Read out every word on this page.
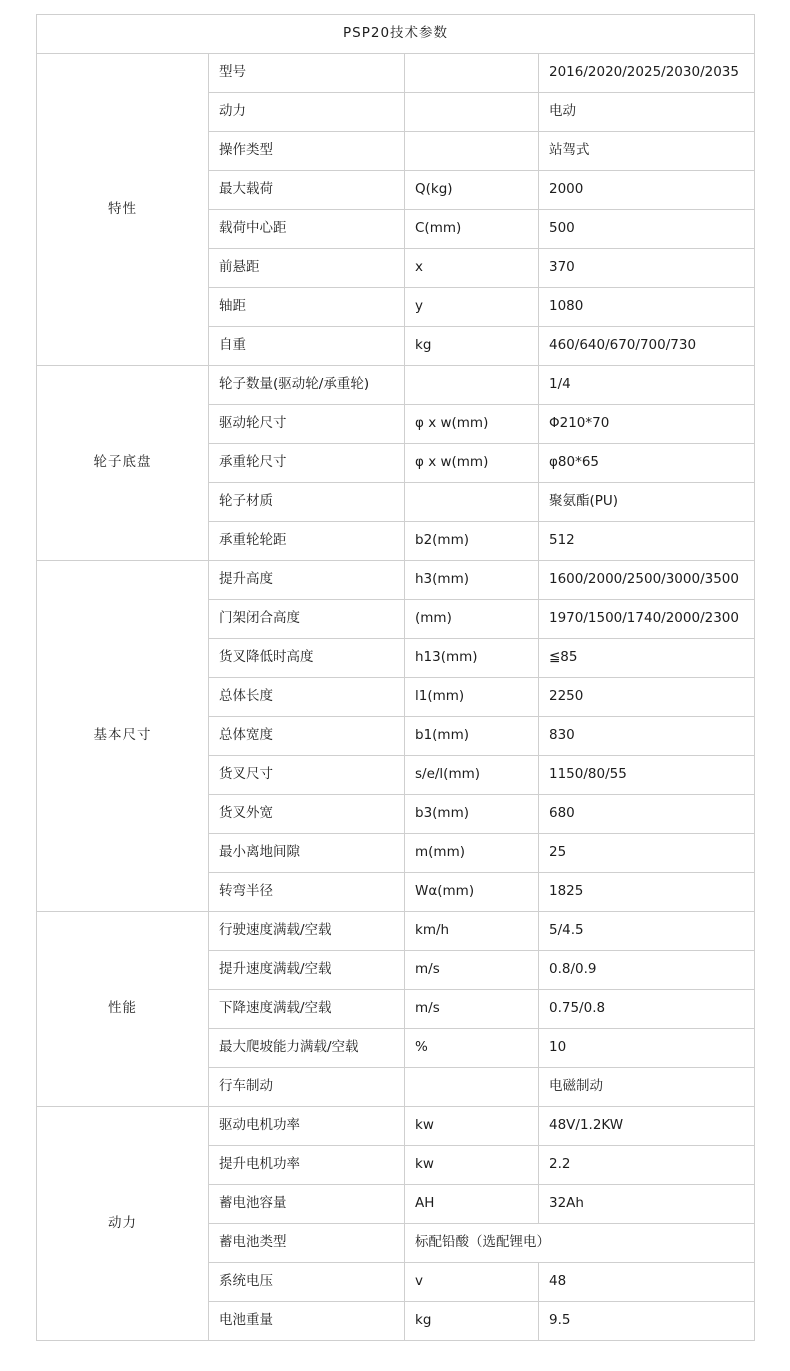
PSP20技术参数			
特性	型号		2016/2020/2025/2030/2035
	动力		电动
	操作类型		站驾式
	最大载荷	Q(kg)	2000
	载荷中心距	C(mm)	500
	前悬距	x	370
	轴距	y	1080
	自重	kg	460/640/670/700/730
轮子底盘	轮子数量(驱动轮/承重轮)		1/4
	驱动轮尺寸	φ x w(mm)	Φ210*70
	承重轮尺寸	φ x w(mm)	φ80*65
	轮子材质		聚氨酯(PU)
	承重轮轮距	b2(mm)	512
基本尺寸	提升高度	h3(mm)	1600/2000/2500/3000/3500
	门架闭合高度	(mm)	1970/1500/1740/2000/2300
	货叉降低时高度	h13(mm)	≦85
	总体长度	l1(mm)	2250
	总体宽度	b1(mm)	830
	货叉尺寸	s/e/l(mm)	1150/80/55
	货叉外宽	b3(mm)	680
	最小离地间隙	m(mm)	25
	转弯半径	Wα(mm)	1825
性能	行驶速度满载/空载	km/h	5/4.5
	提升速度满载/空载	m/s	0.8/0.9
	下降速度满载/空载	m/s	0.75/0.8
	最大爬坡能力满载/空载	%	10
	行车制动		电磁制动
动力	驱动电机功率	kw	48V/1.2KW
	提升电机功率	kw	2.2
	蓄电池容量	AH	32Ah
	蓄电池类型	标配铅酸（选配锂电）	
	系统电压	v	48
	电池重量	kg	9.5
